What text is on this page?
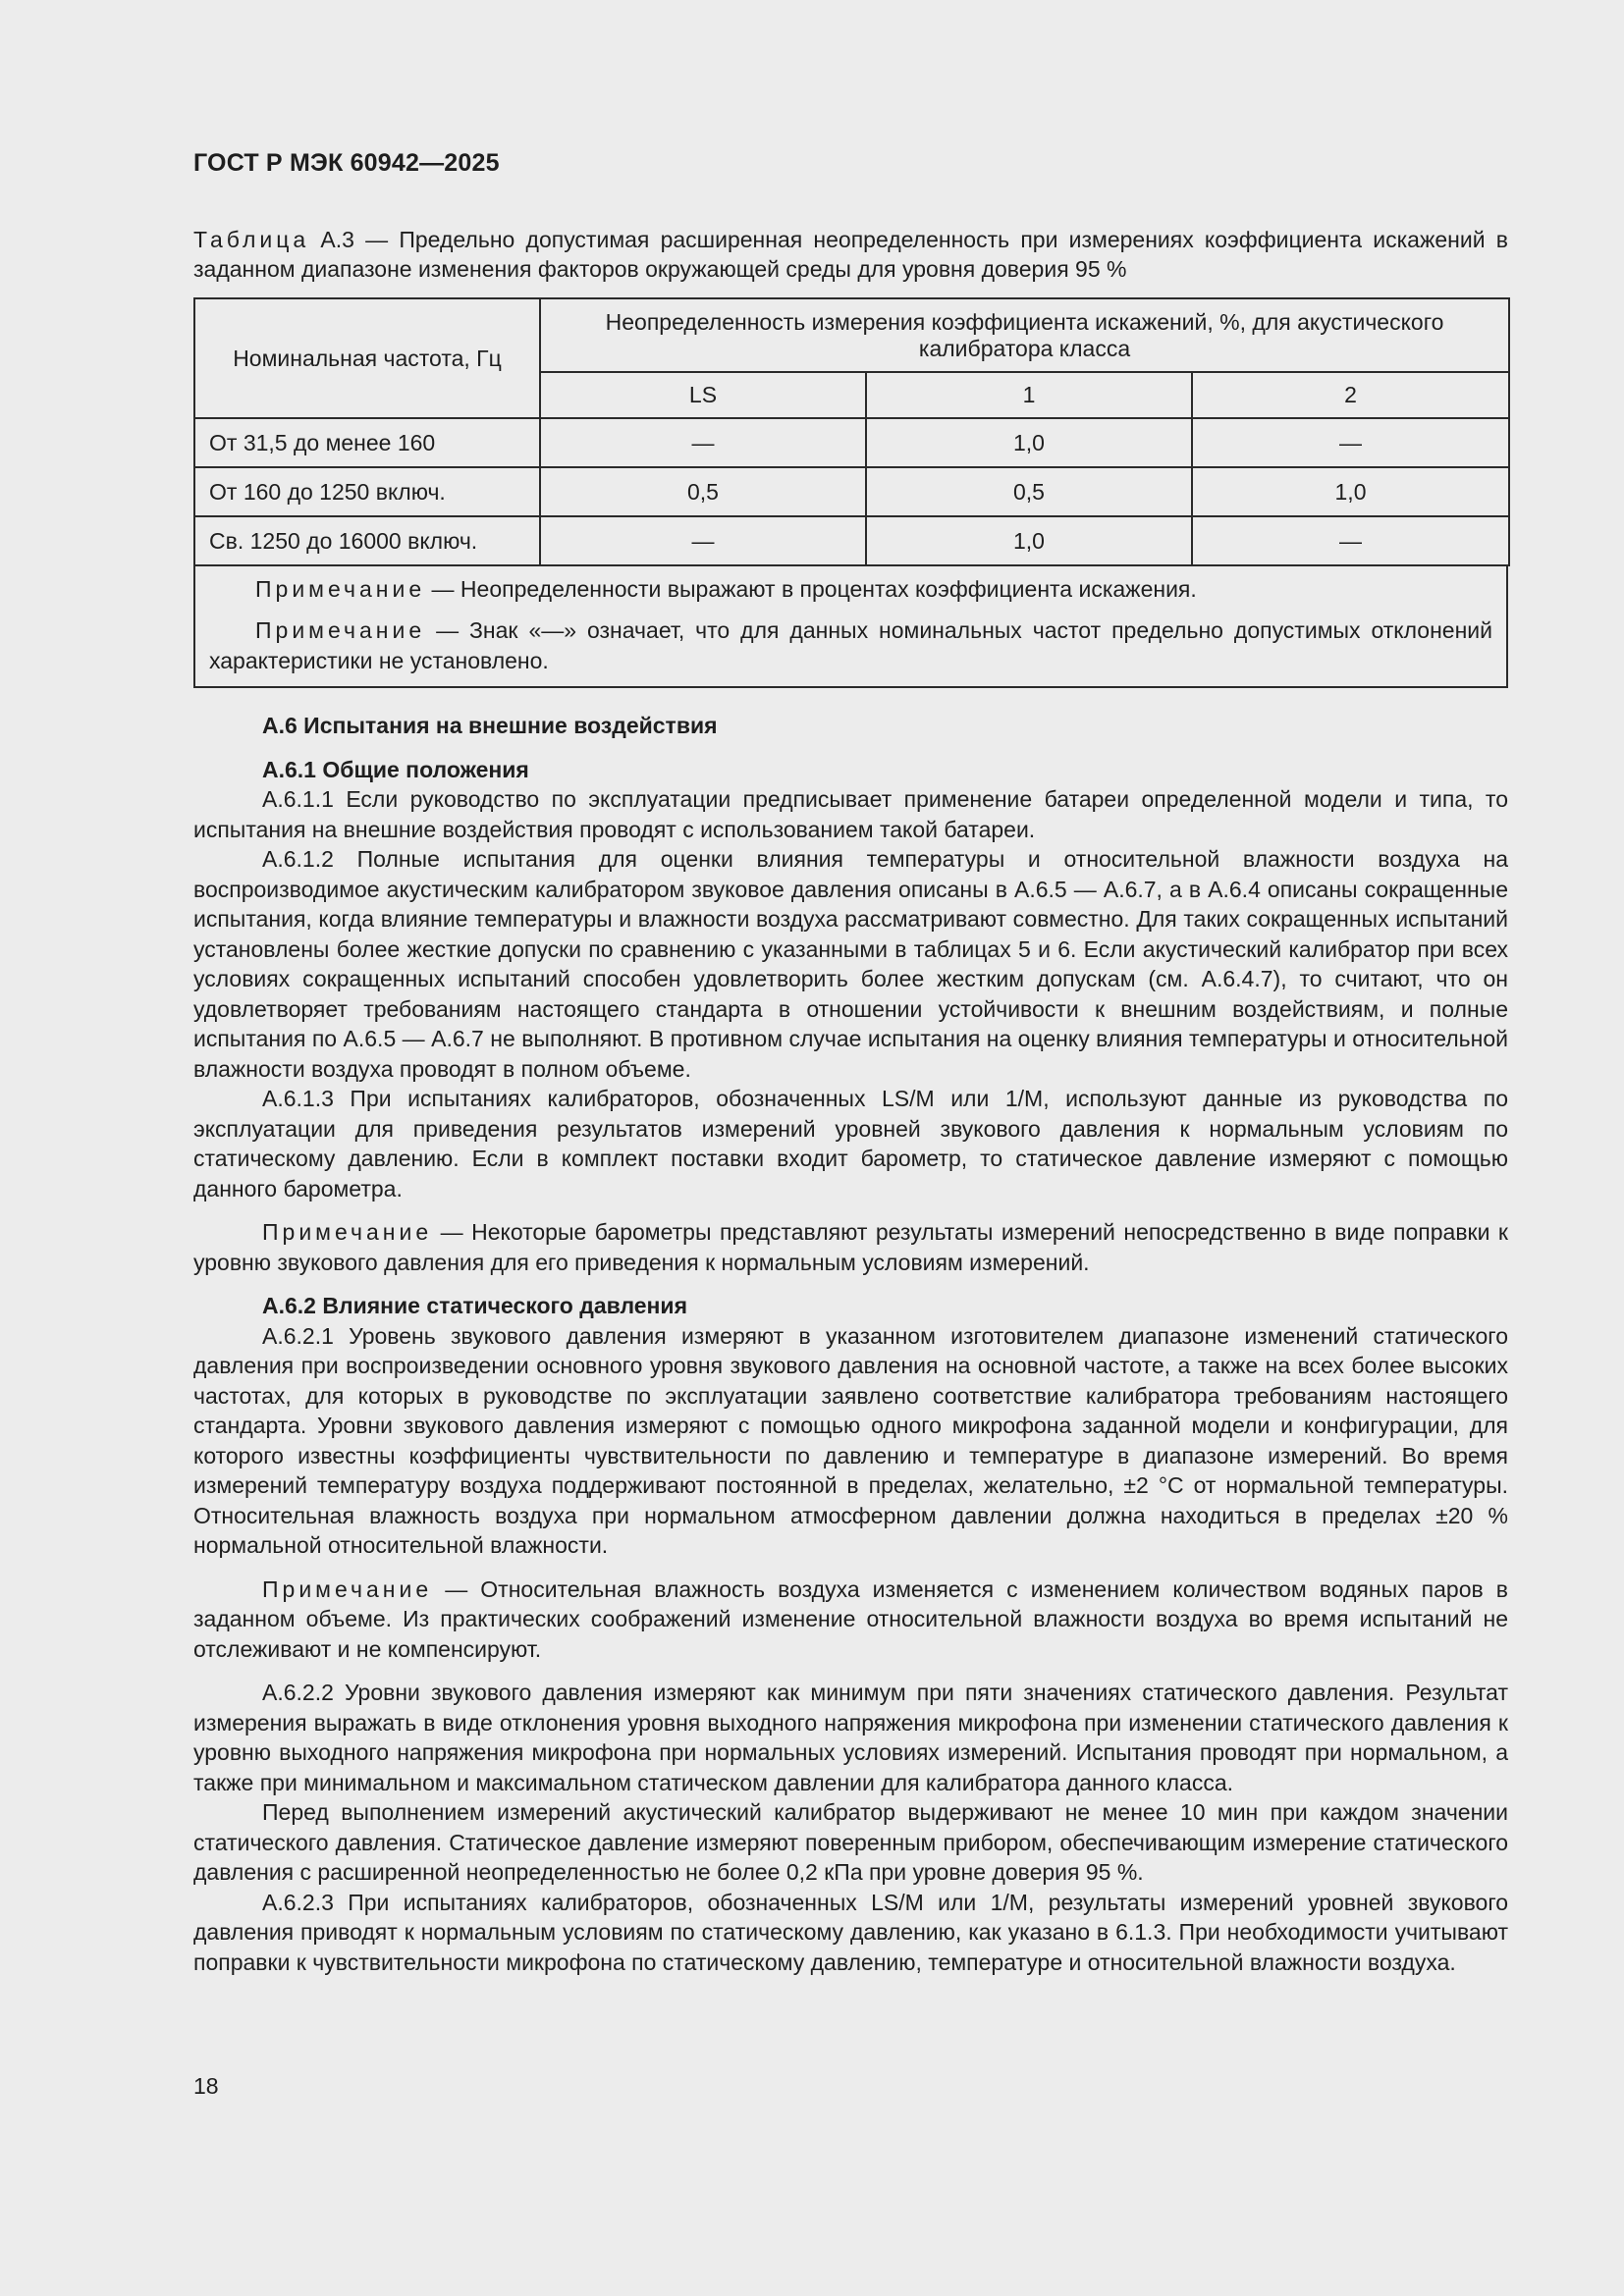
ГОСТ Р МЭК 60942—2025
Таблица А.3 — Предельно допустимая расширенная неопределенность при измерениях коэффициента искажений в заданном диапазоне изменения факторов окружающей среды для уровня доверия 95 %
Номинальная частота, Гц	Неопределенность измерения коэффициента искажений, %, для акустического калибратора класса		
	LS	1	2
От 31,5 до менее 160	—	1,0	—
От 160 до 1250 включ.	0,5	0,5	1,0
Св. 1250 до 16000 включ.	—	1,0	—

Примечание — Неопределенности выражают в процентах коэффициента искажения.

Примечание — Знак «—» означает, что для данных номинальных частот предельно допустимых отклонений характеристики не установлено.

А.6 Испытания на внешние воздействия

А.6.1 Общие положения

А.6.1.1 Если руководство по эксплуатации предписывает применение батареи определенной модели и типа, то испытания на внешние воздействия проводят с использованием такой батареи.

А.6.1.2 Полные испытания для оценки влияния температуры и относительной влажности воздуха на воспроизводимое акустическим калибратором звуковое давления описаны в А.6.5 — А.6.7, а в А.6.4 описаны сокращенные испытания, когда влияние температуры и влажности воздуха рассматривают совместно. Для таких сокращенных испытаний установлены более жесткие допуски по сравнению с указанными в таблицах 5 и 6. Если акустический калибратор при всех условиях сокращенных испытаний способен удовлетворить более жестким допускам (см. А.6.4.7), то считают, что он удовлетворяет требованиям настоящего стандарта в отношении устойчивости к внешним воздействиям, и полные испытания по А.6.5 — А.6.7 не выполняют. В противном случае испытания на оценку влияния температуры и относительной влажности воздуха проводят в полном объеме.

А.6.1.3 При испытаниях калибраторов, обозначенных LS/M или 1/M, используют данные из руководства по эксплуатации для приведения результатов измерений уровней звукового давления к нормальным условиям по статическому давлению. Если в комплект поставки входит барометр, то статическое давление измеряют с помощью данного барометра.

Примечание — Некоторые барометры представляют результаты измерений непосредственно в виде поправки к уровню звукового давления для его приведения к нормальным условиям измерений.

А.6.2 Влияние статического давления

А.6.2.1 Уровень звукового давления измеряют в указанном изготовителем диапазоне изменений статического давления при воспроизведении основного уровня звукового давления на основной частоте, а также на всех более высоких частотах, для которых в руководстве по эксплуатации заявлено соответствие калибратора требованиям настоящего стандарта. Уровни звукового давления измеряют с помощью одного микрофона заданной модели и конфигурации, для которого известны коэффициенты чувствительности по давлению и температуре в диапазоне измерений. Во время измерений температуру воздуха поддерживают постоянной в пределах, желательно, ±2 °С от нормальной температуры. Относительная влажность воздуха при нормальном атмосферном давлении должна находиться в пределах ±20 % нормальной относительной влажности.

Примечание — Относительная влажность воздуха изменяется с изменением количеством водяных паров в заданном объеме. Из практических соображений изменение относительной влажности воздуха во время испытаний не отслеживают и не компенсируют.

А.6.2.2 Уровни звукового давления измеряют как минимум при пяти значениях статического давления. Результат измерения выражать в виде отклонения уровня выходного напряжения микрофона при изменении статического давления к уровню выходного напряжения микрофона при нормальных условиях измерений. Испытания проводят при нормальном, а также при минимальном и максимальном статическом давлении для калибратора данного класса.

Перед выполнением измерений акустический калибратор выдерживают не менее 10 мин при каждом значении статического давления. Статическое давление измеряют поверенным прибором, обеспечивающим измерение статического давления с расширенной неопределенностью не более 0,2 кПа при уровне доверия 95 %.

А.6.2.3 При испытаниях калибраторов, обозначенных LS/M или 1/M, результаты измерений уровней звукового давления приводят к нормальным условиям по статическому давлению, как указано в 6.1.3. При необходимости учитывают поправки к чувствительности микрофона по статическому давлению, температуре и относительной влажности воздуха.

18
